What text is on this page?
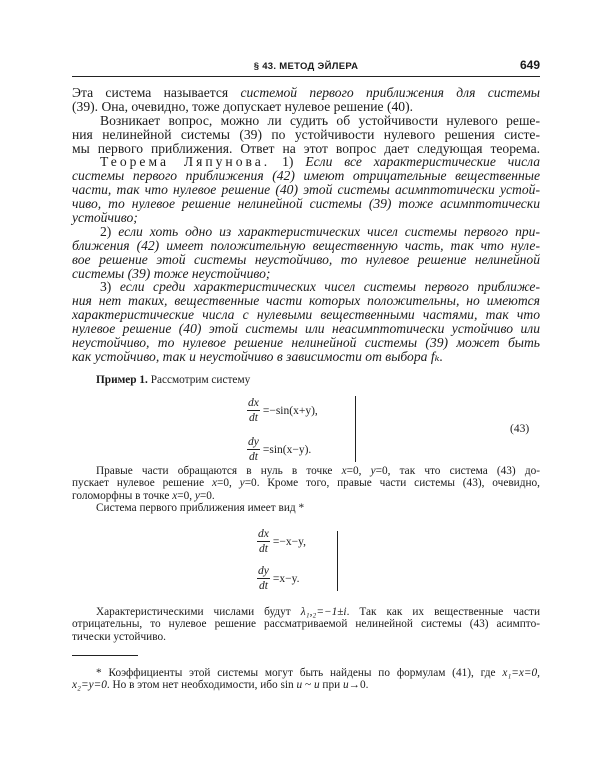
§ 43. МЕТОД ЭЙЛЕРА	649
Эта система называется системой первого приближения для системы
(39). Она, очевидно, тоже допускает нулевое решение (40).
Возникает вопрос, можно ли судить об устойчивости нулевого реше-
ния нелинейной системы (39) по устойчивости нулевого решения систе-
мы первого приближения. Ответ на этот вопрос дает следующая теорема.
Теорема Ляпунова. 1) Если все характеристические числа
системы первого приближения (42) имеют отрицательные вещественные
части, так что нулевое решение (40) этой системы асимптотически устой-
чиво, то нулевое решение нелинейной системы (39) тоже асимптотически
устойчиво;
2) если хоть одно из характеристических чисел системы первого при-
ближения (42) имеет положительную вещественную часть, так что нуле-
вое решение этой системы неустойчиво, то нулевое решение нелинейной
системы (39) тоже неустойчиво;
3) если среди характеристических чисел системы первого приближе-
ния нет таких, вещественные части которых положительны, но имеются
характеристические числа с нулевыми вещественными частями, так что
нулевое решение (40) этой системы или неасимптотически устойчиво или
неустойчиво, то нулевое решение нелинейной системы (39) может быть
как устойчиво, так и неустойчиво в зависимости от выбора fₖ.
Пример 1. Рассмотрим систему
$\frac{dx}{dt} =-\sin(x+y)$,
$\frac{dy}{dt} =\sin(x-y)$.
(43)
Правые части обращаются в нуль в точке x=0, y=0, так что система (43) до-
пускает нулевое решение x=0, y=0. Кроме того, правые части системы (43), очевидно,
голоморфны в точке x=0, y=0.
Система первого приближения имеет вид *
$\frac{dx}{dt} =-x-y$,
$\frac{dy}{dt} =x-y$.
Характеристическими числами будут λ₁,₂=−1±i. Так как их вещественные части
отрицательны, то нулевое решение рассматриваемой нелинейной системы (43) асимпто-
тически устойчиво.
* Коэффициенты этой системы могут быть найдены по формулам (41), где x₁=x=0,
x₂=y=0. Но в этом нет необходимости, ибо sin u ~ u при u→0.
